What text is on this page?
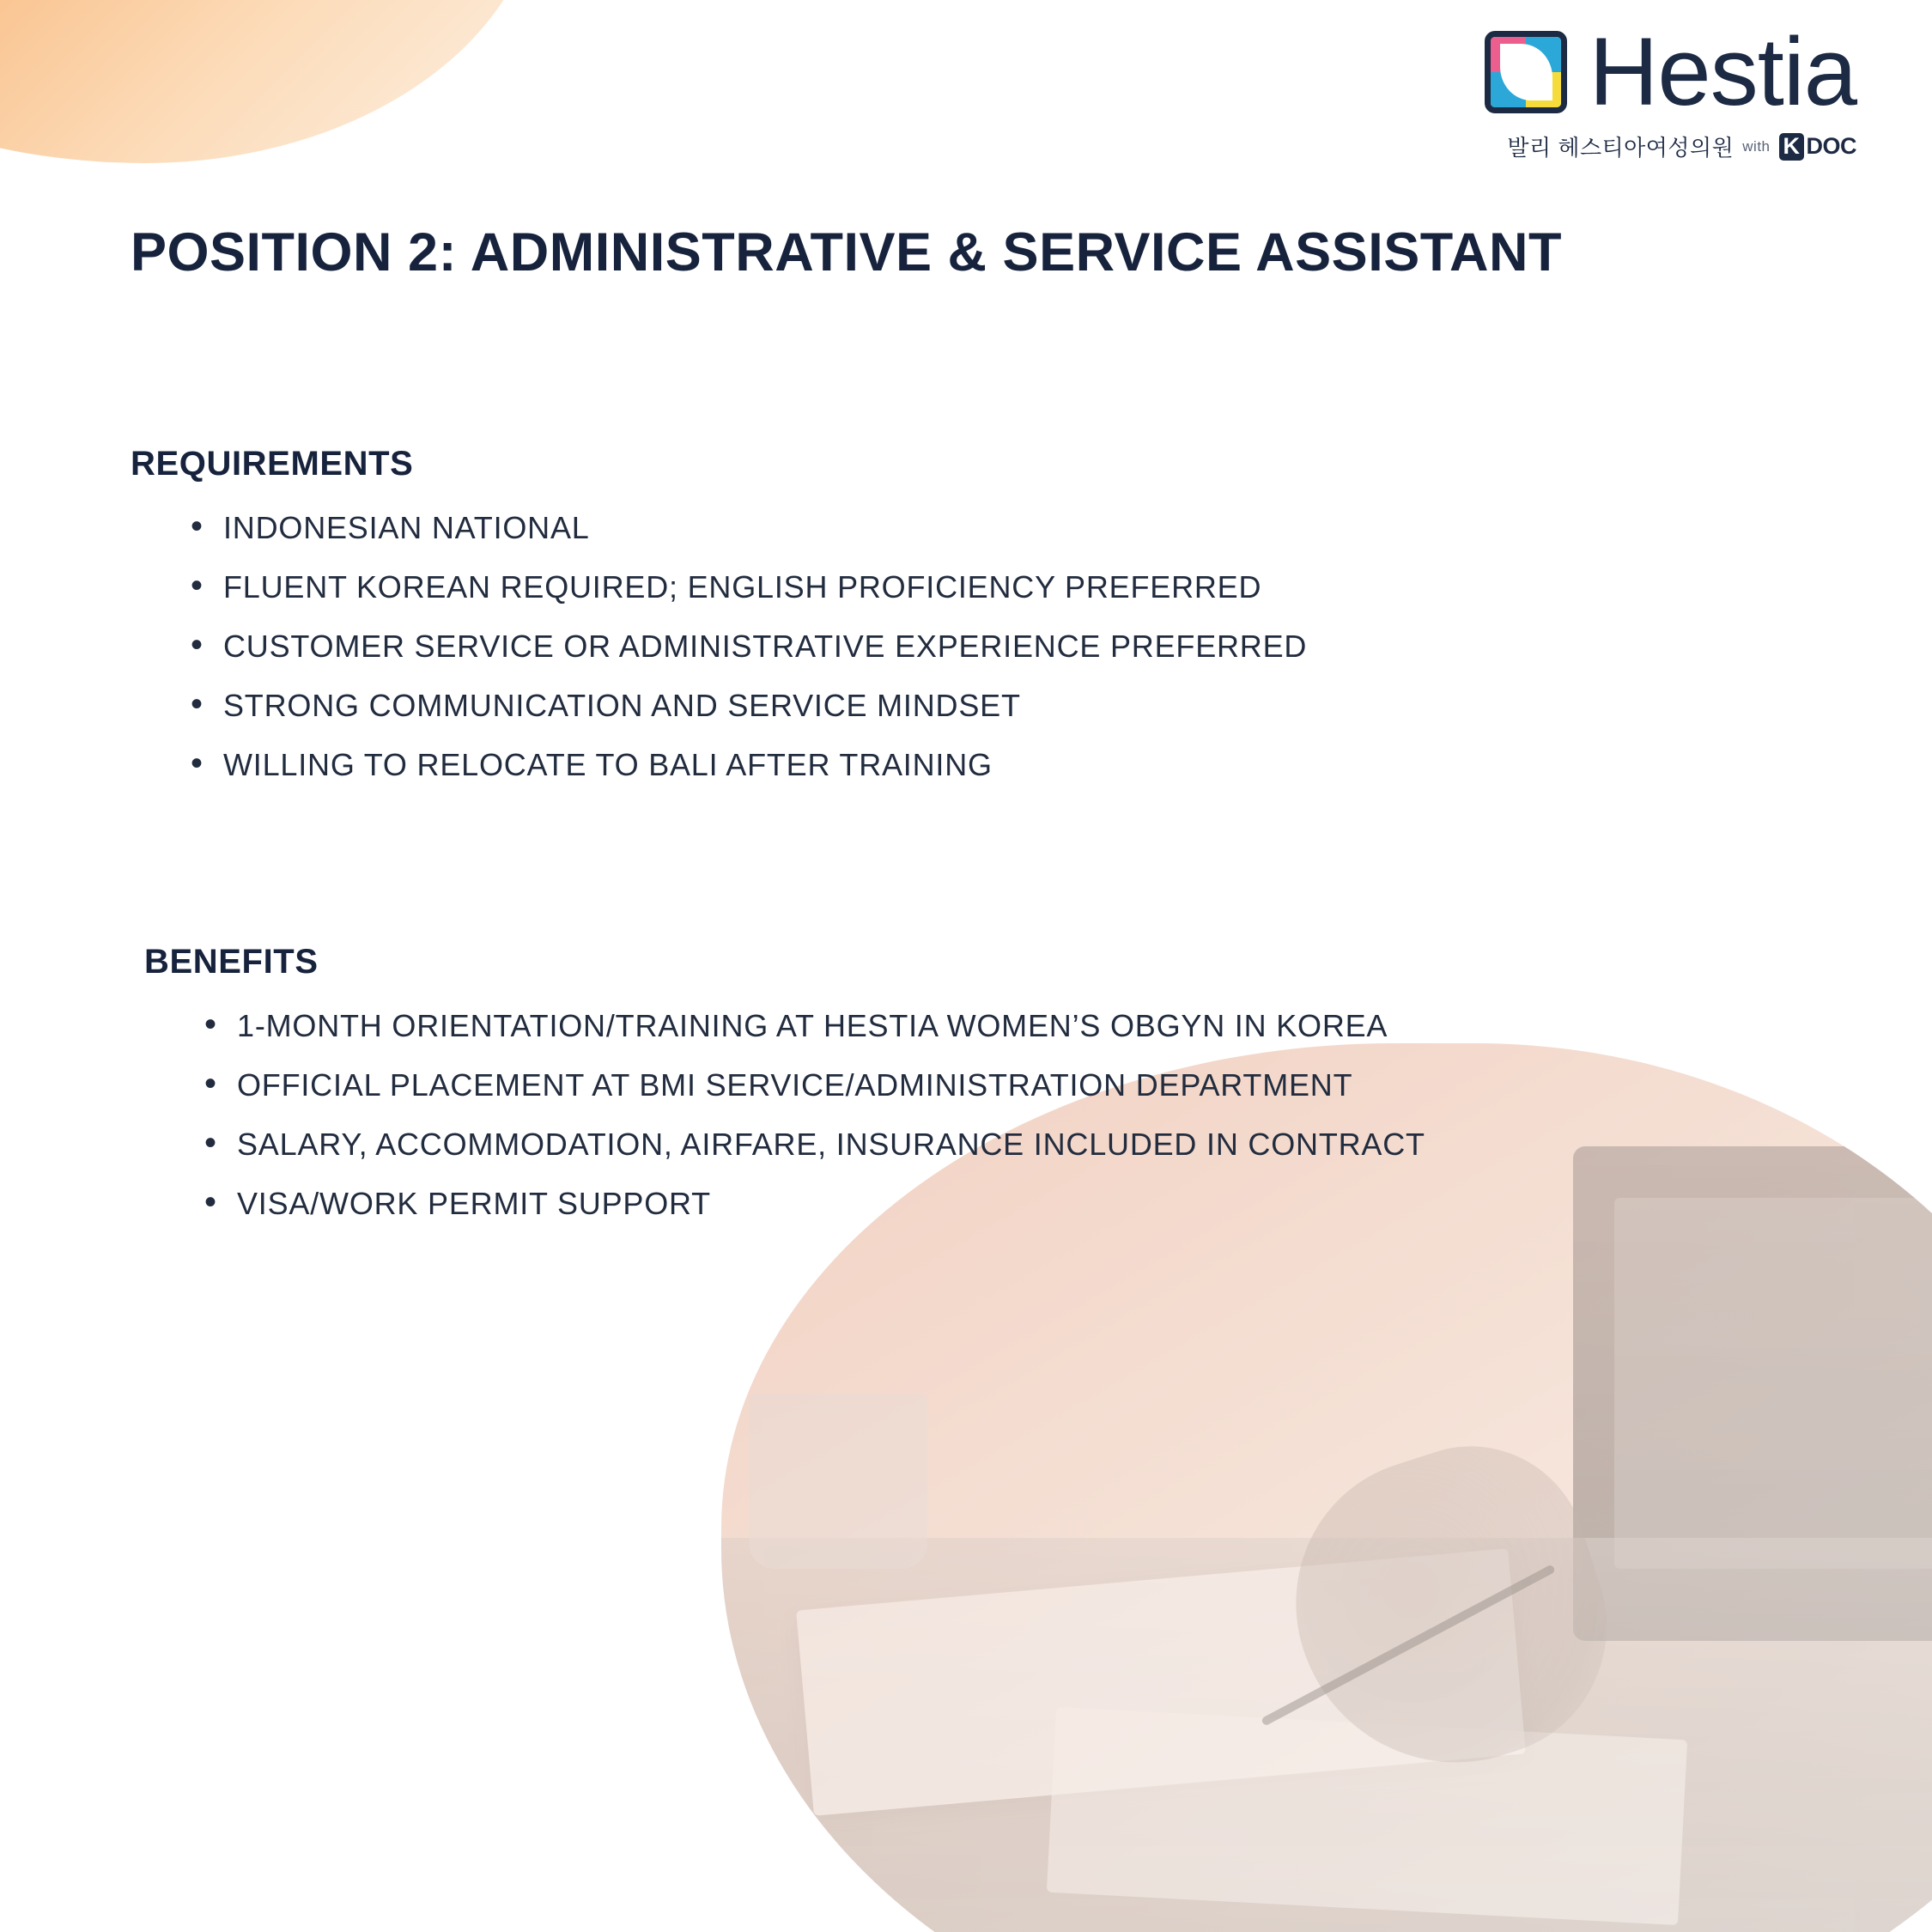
Hestia
발리 헤스티아여성의원 with K DOC
POSITION 2: ADMINISTRATIVE & SERVICE ASSISTANT
REQUIREMENTS
• INDONESIAN NATIONAL
• FLUENT KOREAN REQUIRED; ENGLISH PROFICIENCY PREFERRED
• CUSTOMER SERVICE OR ADMINISTRATIVE EXPERIENCE PREFERRED
• STRONG COMMUNICATION AND SERVICE MINDSET
• WILLING TO RELOCATE TO BALI AFTER TRAINING
BENEFITS
• 1-MONTH ORIENTATION/TRAINING AT HESTIA WOMEN’S OBGYN IN KOREA
• OFFICIAL PLACEMENT AT BMI SERVICE/ADMINISTRATION DEPARTMENT
• SALARY, ACCOMMODATION, AIRFARE, INSURANCE INCLUDED IN CONTRACT
• VISA/WORK PERMIT SUPPORT
